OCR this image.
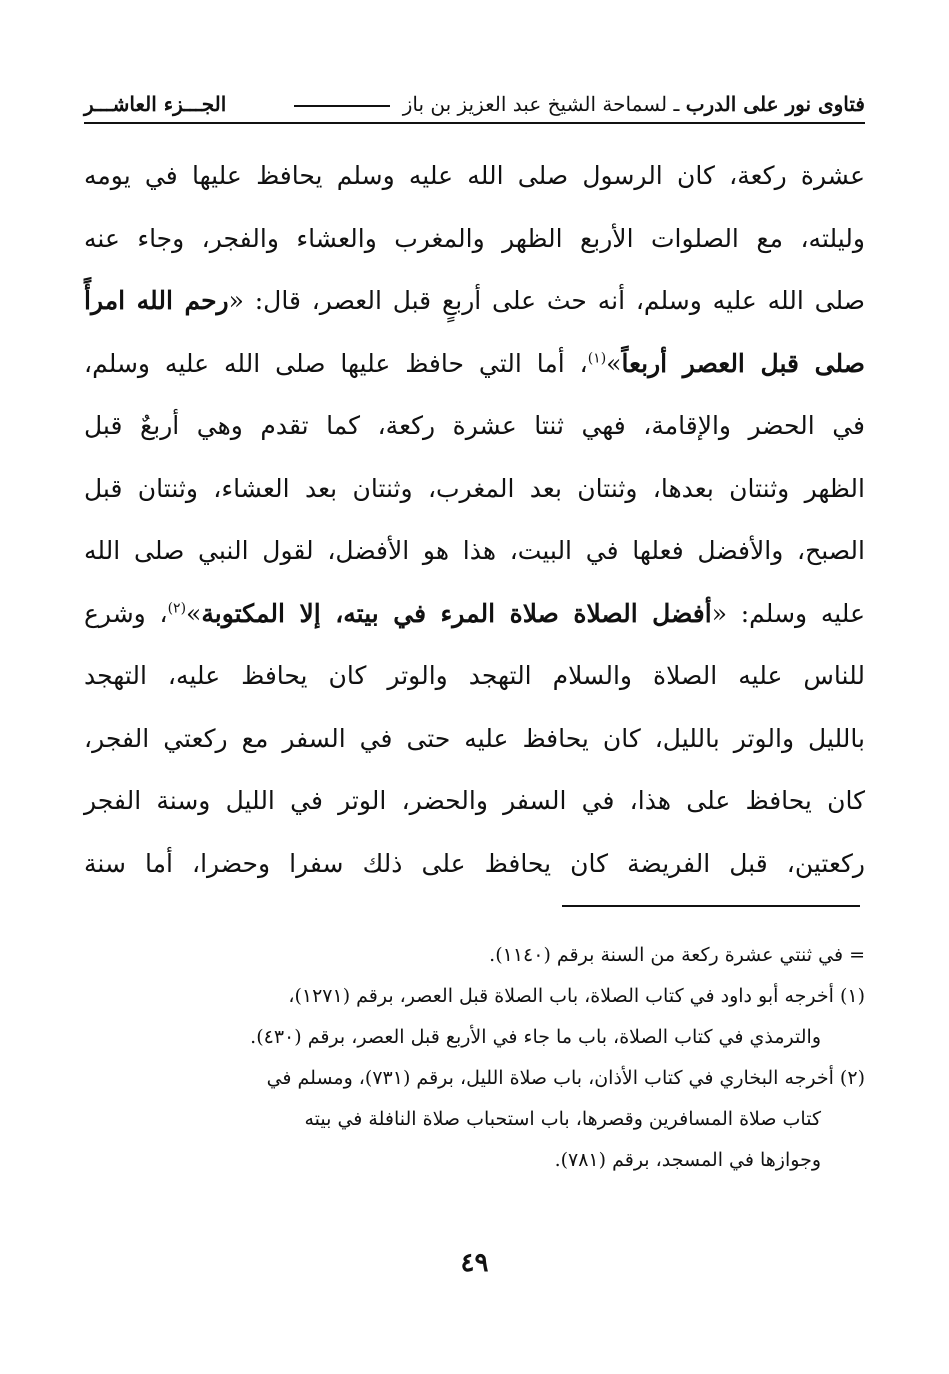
فتاوى نور على الدرب ـ لسماحة الشيخ عبد العزيز بن باز
الجـــزء العاشـــر
عشرة ركعة، كان الرسول صلى الله عليه وسلم يحافظ عليها في يومه
وليلته، مع الصلوات الأربع الظهر والمغرب والعشاء والفجر، وجاء عنه
صلى الله عليه وسلم، أنه حث على أربعٍ قبل العصر، قال: «رحم الله امرأً
صلى قبل العصر أربعاً»$^{(١)}$، أما التي حافظ عليها صلى الله عليه وسلم،
في الحضر والإقامة، فهي ثنتا عشرة ركعة، كما تقدم وهي أربعٌ قبل
الظهر وثنتان بعدها، وثنتان بعد المغرب، وثنتان بعد العشاء، وثنتان قبل
الصبح، والأفضل فعلها في البيت، هذا هو الأفضل، لقول النبي صلى الله
عليه وسلم: «أفضل الصلاة صلاة المرء في بيته، إلا المكتوبة»$^{(٢)}$، وشرع
للناس عليه الصلاة والسلام التهجد والوتر كان يحافظ عليه، التهجد
بالليل والوتر بالليل، كان يحافظ عليه حتى في السفر مع ركعتي الفجر،
كان يحافظ على هذا، في السفر والحضر، الوتر في الليل وسنة الفجر
ركعتين، قبل الفريضة كان يحافظ على ذلك سفرا وحضرا، أما سنة
= في ثنتي عشرة ركعة من السنة برقم (١١٤٠).
(١) أخرجه أبو داود في كتاب الصلاة، باب الصلاة قبل العصر، برقم (١٢٧١)،
والترمذي في كتاب الصلاة، باب ما جاء في الأربع قبل العصر، برقم (٤٣٠).
(٢) أخرجه البخاري في كتاب الأذان، باب صلاة الليل، برقم (٧٣١)، ومسلم في
كتاب صلاة المسافرين وقصرها، باب استحباب صلاة النافلة في بيته
وجوازها في المسجد، برقم (٧٨١).
٤٩
